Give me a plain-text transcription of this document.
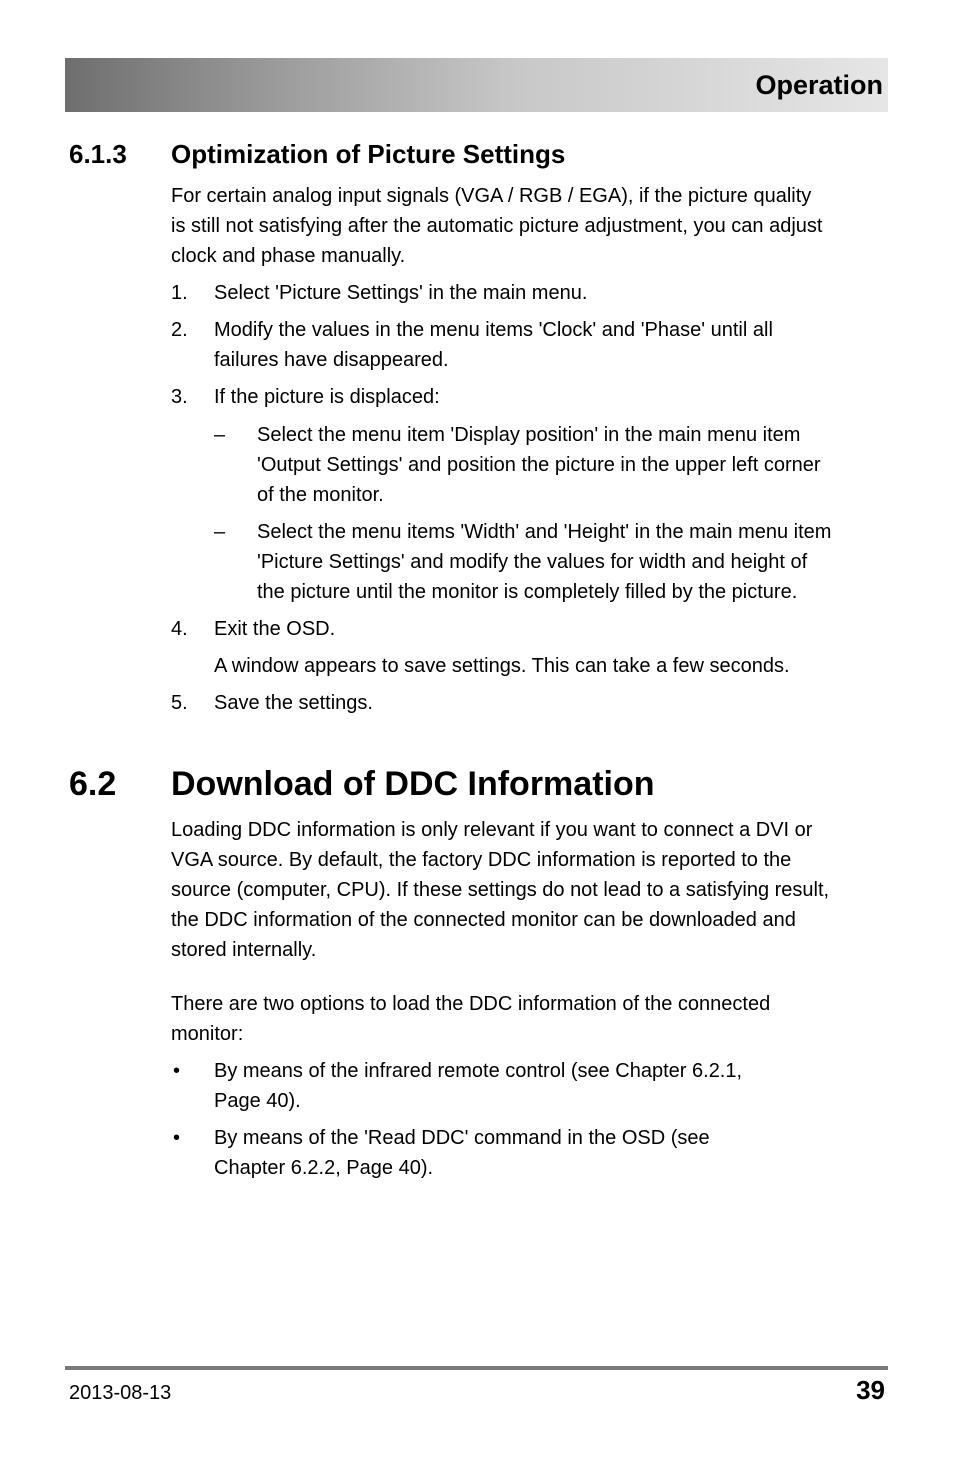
Operation
6.1.3 Optimization of Picture Settings
For certain analog input signals (VGA / RGB / EGA), if the picture quality
is still not satisfying after the automatic picture adjustment, you can adjust
clock and phase manually.
1. Select 'Picture Settings' in the main menu.
2. Modify the values in the menu items 'Clock' and 'Phase' until all
failures have disappeared.
3. If the picture is displaced:
– Select the menu item 'Display position' in the main menu item
'Output Settings' and position the picture in the upper left corner
of the monitor.
– Select the menu items 'Width' and 'Height' in the main menu item
'Picture Settings' and modify the values for width and height of
the picture until the monitor is completely filled by the picture.
4. Exit the OSD.
A window appears to save settings. This can take a few seconds.
5. Save the settings.
6.2 Download of DDC Information
Loading DDC information is only relevant if you want to connect a DVI or
VGA source. By default, the factory DDC information is reported to the
source (computer, CPU). If these settings do not lead to a satisfying result,
the DDC information of the connected monitor can be downloaded and
stored internally.
There are two options to load the DDC information of the connected
monitor:
• By means of the infrared remote control (see Chapter 6.2.1,
Page 40).
• By means of the 'Read DDC' command in the OSD (see
Chapter 6.2.2, Page 40).
2013-08-13	39
